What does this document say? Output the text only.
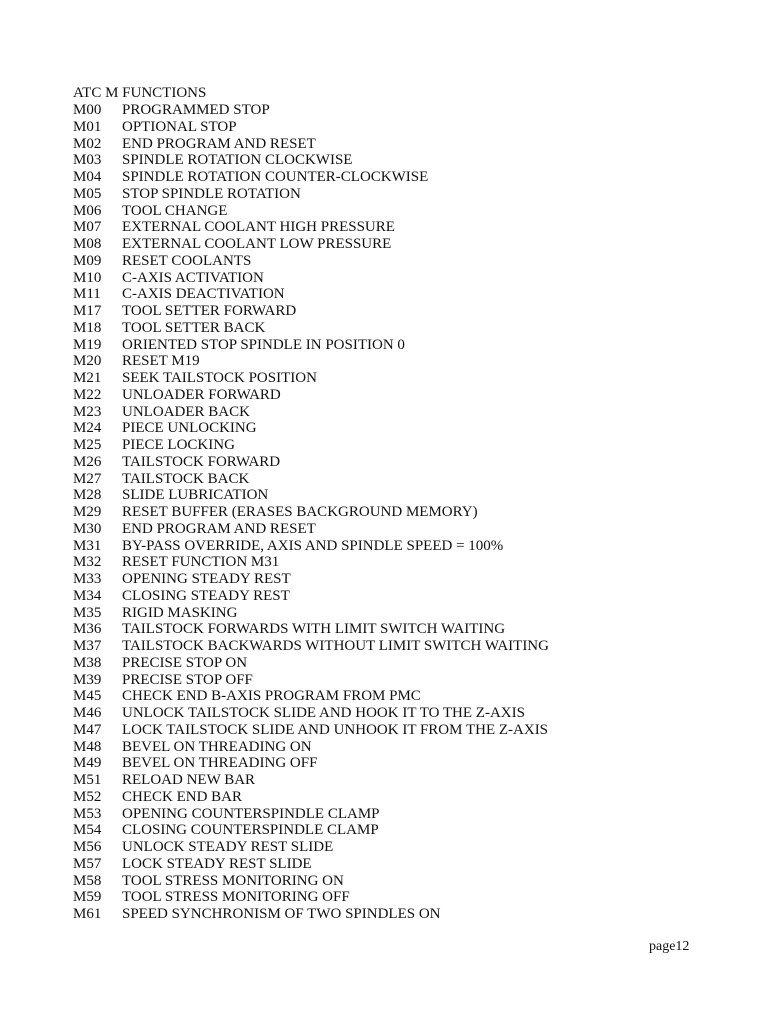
ATC M FUNCTIONS
M00	PROGRAMMED STOP
M01	OPTIONAL STOP
M02	END PROGRAM AND RESET
M03	SPINDLE ROTATION CLOCKWISE
M04	SPINDLE ROTATION COUNTER-CLOCKWISE
M05	STOP SPINDLE ROTATION
M06	TOOL CHANGE
M07	EXTERNAL COOLANT HIGH PRESSURE
M08	EXTERNAL COOLANT LOW PRESSURE
M09	RESET COOLANTS
M10	C-AXIS ACTIVATION
M11	C-AXIS DEACTIVATION
M17	TOOL SETTER FORWARD
M18	TOOL SETTER BACK
M19	ORIENTED STOP SPINDLE IN POSITION 0
M20	RESET M19
M21	SEEK TAILSTOCK POSITION
M22	UNLOADER FORWARD
M23	UNLOADER BACK
M24	PIECE UNLOCKING
M25	PIECE LOCKING
M26	TAILSTOCK FORWARD
M27	TAILSTOCK BACK
M28	SLIDE LUBRICATION
M29	RESET BUFFER (ERASES BACKGROUND MEMORY)
M30	END PROGRAM AND RESET
M31	BY-PASS OVERRIDE, AXIS AND SPINDLE SPEED = 100%
M32	RESET FUNCTION M31
M33	OPENING STEADY REST
M34	CLOSING STEADY REST
M35	RIGID MASKING
M36	TAILSTOCK FORWARDS WITH LIMIT SWITCH WAITING
M37	TAILSTOCK BACKWARDS WITHOUT LIMIT SWITCH WAITING
M38	PRECISE STOP ON
M39	PRECISE STOP OFF
M45	CHECK END B-AXIS PROGRAM FROM PMC
M46	UNLOCK TAILSTOCK SLIDE AND HOOK IT TO THE Z-AXIS
M47	LOCK TAILSTOCK SLIDE AND UNHOOK IT FROM THE Z-AXIS
M48	BEVEL ON THREADING ON
M49	BEVEL ON THREADING OFF
M51	RELOAD NEW BAR
M52	CHECK END BAR
M53	OPENING COUNTERSPINDLE CLAMP
M54	CLOSING COUNTERSPINDLE CLAMP
M56	UNLOCK STEADY REST SLIDE
M57	LOCK STEADY REST SLIDE
M58	TOOL STRESS MONITORING ON
M59	TOOL STRESS MONITORING OFF
M61	SPEED SYNCHRONISM OF TWO SPINDLES ON
page12
